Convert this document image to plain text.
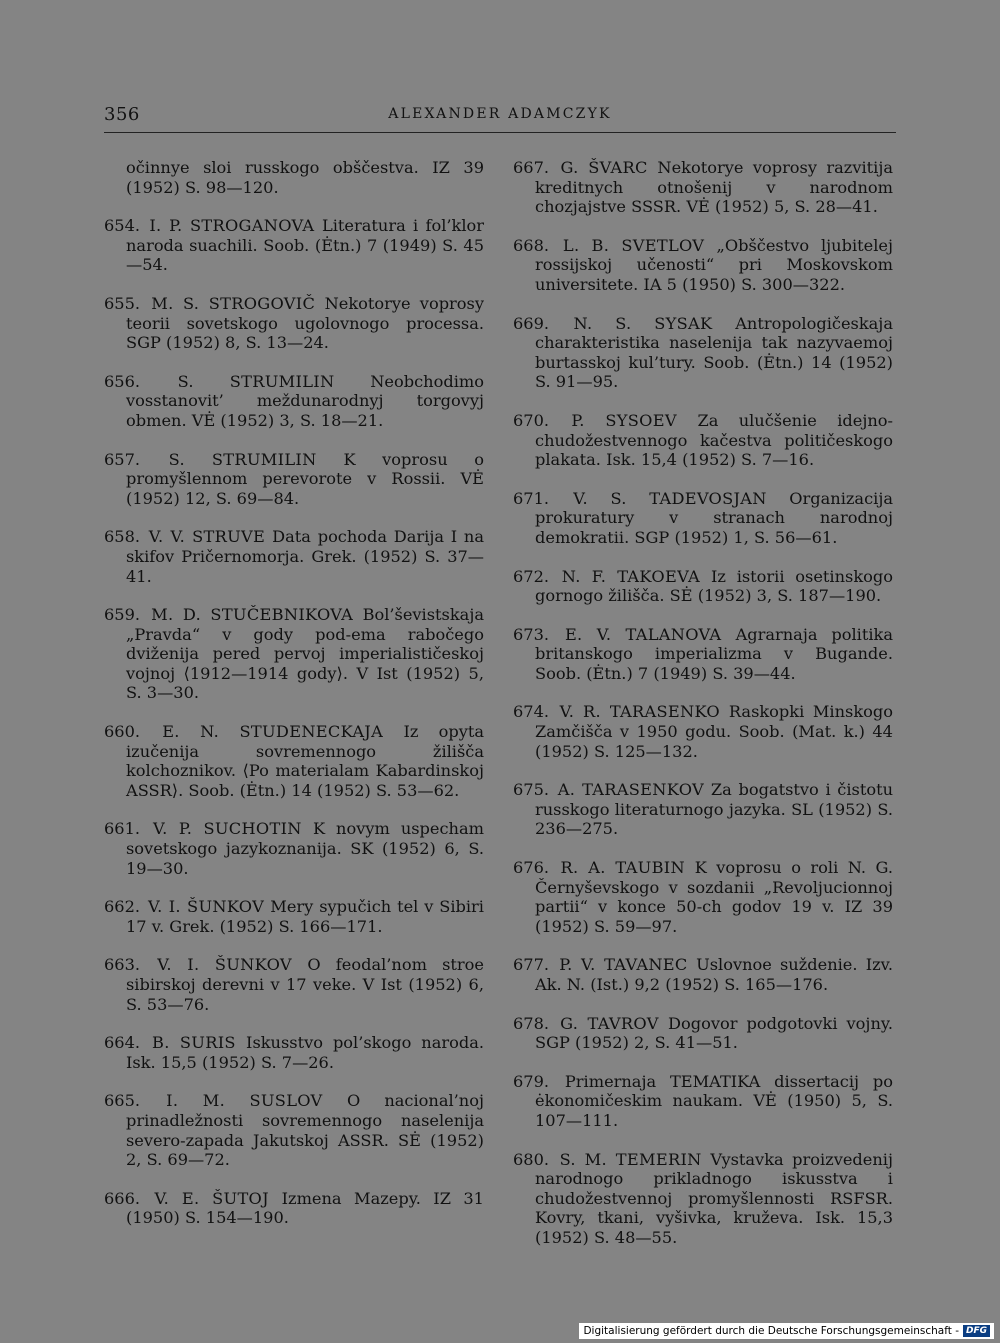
356	ALEXANDER ADAMCZYK

očinnye sloi russkogo obščestva. IZ 39 (1952) S. 98—120.

654. I. P. STROGANOVA Literatura i fol’klor naroda suachili. Soob. (Ėtn.) 7 (1949) S. 45—54.

655. M. S. STROGOVIČ Nekotorye voprosy teorii sovetskogo ugolovnogo processa. SGP (1952) 8, S. 13—24.

656. S. STRUMILIN Neobchodimo vosstanovit’ meždunarodnyj torgovyj obmen. VĖ (1952) 3, S. 18—21.

657. S. STRUMILIN K voprosu o promyšlennom perevorote v Rossii. VĖ (1952) 12, S. 69—84.

658. V. V. STRUVE Data pochoda Darija I na skifov Pričernomorja. Grek. (1952) S. 37—41.

659. M. D. STUČEBNIKOVA Bol’ševistskaja „Pravda“ v gody pod-ema rabočego dviženija pered pervoj imperialističeskoj vojnoj ⟨1912—1914 gody⟩. V Ist (1952) 5, S. 3—30.

660. E. N. STUDENECKAJA Iz opyta izučenija sovremennogo žilišča kolchoznikov. ⟨Po materialam Kabardinskoj ASSR⟩. Soob. (Ėtn.) 14 (1952) S. 53—62.

661. V. P. SUCHOTIN K novym uspecham sovetskogo jazykoznanija. SK (1952) 6, S. 19—30.

662. V. I. ŠUNKOV Mery sypučich tel v Sibiri 17 v. Grek. (1952) S. 166—171.

663. V. I. ŠUNKOV O feodal’nom stroe sibirskoj derevni v 17 veke. V Ist (1952) 6, S. 53—76.

664. B. SURIS Iskusstvo pol’skogo naroda. Isk. 15,5 (1952) S. 7—26.

665. I. M. SUSLOV O nacional’noj prinadležnosti sovremennogo naselenija severo-zapada Jakutskoj ASSR. SĖ (1952) 2, S. 69—72.

666. V. E. ŠUTOJ Izmena Mazepy. IZ 31 (1950) S. 154—190.

667. G. ŠVARC Nekotorye voprosy razvitija kreditnych otnošenij v narodnom chozjajstve SSSR. VĖ (1952) 5, S. 28—41.

668. L. B. SVETLOV „Obščestvo ljubitelej rossijskoj učenosti“ pri Moskovskom universitete. IA 5 (1950) S. 300—322.

669. N. S. SYSAK Antropologičeskaja charakteristika naselenija tak nazyvaemoj burtasskoj kul’tury. Soob. (Ėtn.) 14 (1952) S. 91—95.

670. P. SYSOEV Za ulučšenie idejno-chudožestvennogo kačestva političeskogo plakata. Isk. 15,4 (1952) S. 7—16.

671. V. S. TADEVOSJAN Organizacija prokuratury v stranach narodnoj demokratii. SGP (1952) 1, S. 56—61.

672. N. F. TAKOEVA Iz istorii osetinskogo gornogo žilišča. SĖ (1952) 3, S. 187—190.

673. E. V. TALANOVA Agrarnaja politika britanskogo imperializma v Bugande. Soob. (Ėtn.) 7 (1949) S. 39—44.

674. V. R. TARASENKO Raskopki Minskogo Zamčišča v 1950 godu. Soob. (Mat. k.) 44 (1952) S. 125—132.

675. A. TARASENKOV Za bogatstvo i čistotu russkogo literaturnogo jazyka. SL (1952) S. 236—275.

676. R. A. TAUBIN K voprosu o roli N. G. Černyševskogo v sozdanii „Revoljucionnoj partii“ v konce 50-ch godov 19 v. IZ 39 (1952) S. 59—97.

677. P. V. TAVANEC Uslovnoe suždenie. Izv. Ak. N. (Ist.) 9,2 (1952) S. 165—176.

678. G. TAVROV Dogovor podgotovki vojny. SGP (1952) 2, S. 41—51.

679. Primernaja TEMATIKA dissertacij po ėkonomičeskim naukam. VĖ (1950) 5, S. 107—111.

680. S. M. TEMERIN Vystavka proizvedenij narodnogo prikladnogo iskusstva i chudožestvennoj promyšlennosti RSFSR. Kovry, tkani, vyšivka, kruževa. Isk. 15,3 (1952) S. 48—55.

Digitalisierung gefördert durch die Deutsche Forschungsgemeinschaft - DFG
